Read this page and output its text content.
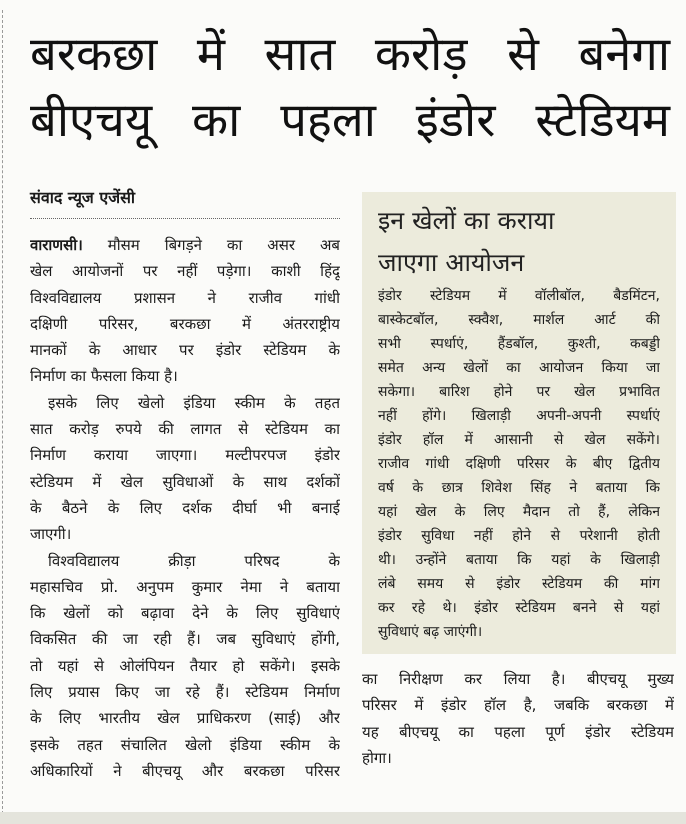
बरकछा में सात करोड़ से बनेगा
बीएचयू का पहला इंडोर स्टेडियम
संवाद न्यूज एजेंसी
वाराणसी। मौसम बिगड़ने का असर अब
खेल आयोजनों पर नहीं पड़ेगा। काशी हिंदू
विश्वविद्यालय प्रशासन ने राजीव गांधी
दक्षिणी परिसर, बरकछा में अंतरराष्ट्रीय
मानकों के आधार पर इंडोर स्टेडियम के
निर्माण का फैसला किया है।
इसके लिए खेलो इंडिया स्कीम के तहत
सात करोड़ रुपये की लागत से स्टेडियम का
निर्माण कराया जाएगा। मल्टीपरपज इंडोर
स्टेडियम में खेल सुविधाओं के साथ दर्शकों
के बैठने के लिए दर्शक दीर्घा भी बनाई
जाएगी।
विश्वविद्यालय क्रीड़ा परिषद के
महासचिव प्रो. अनुपम कुमार नेमा ने बताया
कि खेलों को बढ़ावा देने के लिए सुविधाएं
विकसित की जा रही हैं। जब सुविधाएं होंगी,
तो यहां से ओलंपियन तैयार हो सकेंगे। इसके
लिए प्रयास किए जा रहे हैं। स्टेडियम निर्माण
के लिए भारतीय खेल प्राधिकरण (साई) और
इसके तहत संचालित खेलो इंडिया स्कीम के
अधिकारियों ने बीएचयू और बरकछा परिसर
इन खेलों का कराया
जाएगा आयोजन
इंडोर स्टेडियम में वॉलीबॉल, बैडमिंटन,
बास्केटबॉल, स्क्वैश, मार्शल आर्ट की
सभी स्पर्धाएं, हैंडबॉल, कुश्ती, कबड्डी
समेत अन्य खेलों का आयोजन किया जा
सकेगा। बारिश होने पर खेल प्रभावित
नहीं होंगे। खिलाड़ी अपनी-अपनी स्पर्धाएं
इंडोर हॉल में आसानी से खेल सकेंगे।
राजीव गांधी दक्षिणी परिसर के बीए द्वितीय
वर्ष के छात्र शिवेश सिंह ने बताया कि
यहां खेल के लिए मैदान तो हैं, लेकिन
इंडोर सुविधा नहीं होने से परेशानी होती
थी। उन्होंने बताया कि यहां के खिलाड़ी
लंबे समय से इंडोर स्टेडियम की मांग
कर रहे थे। इंडोर स्टेडियम बनने से यहां
सुविधाएं बढ़ जाएंगी।
का निरीक्षण कर लिया है। बीएचयू मुख्य
परिसर में इंडोर हॉल है, जबकि बरकछा में
यह बीएचयू का पहला पूर्ण इंडोर स्टेडियम
होगा।
